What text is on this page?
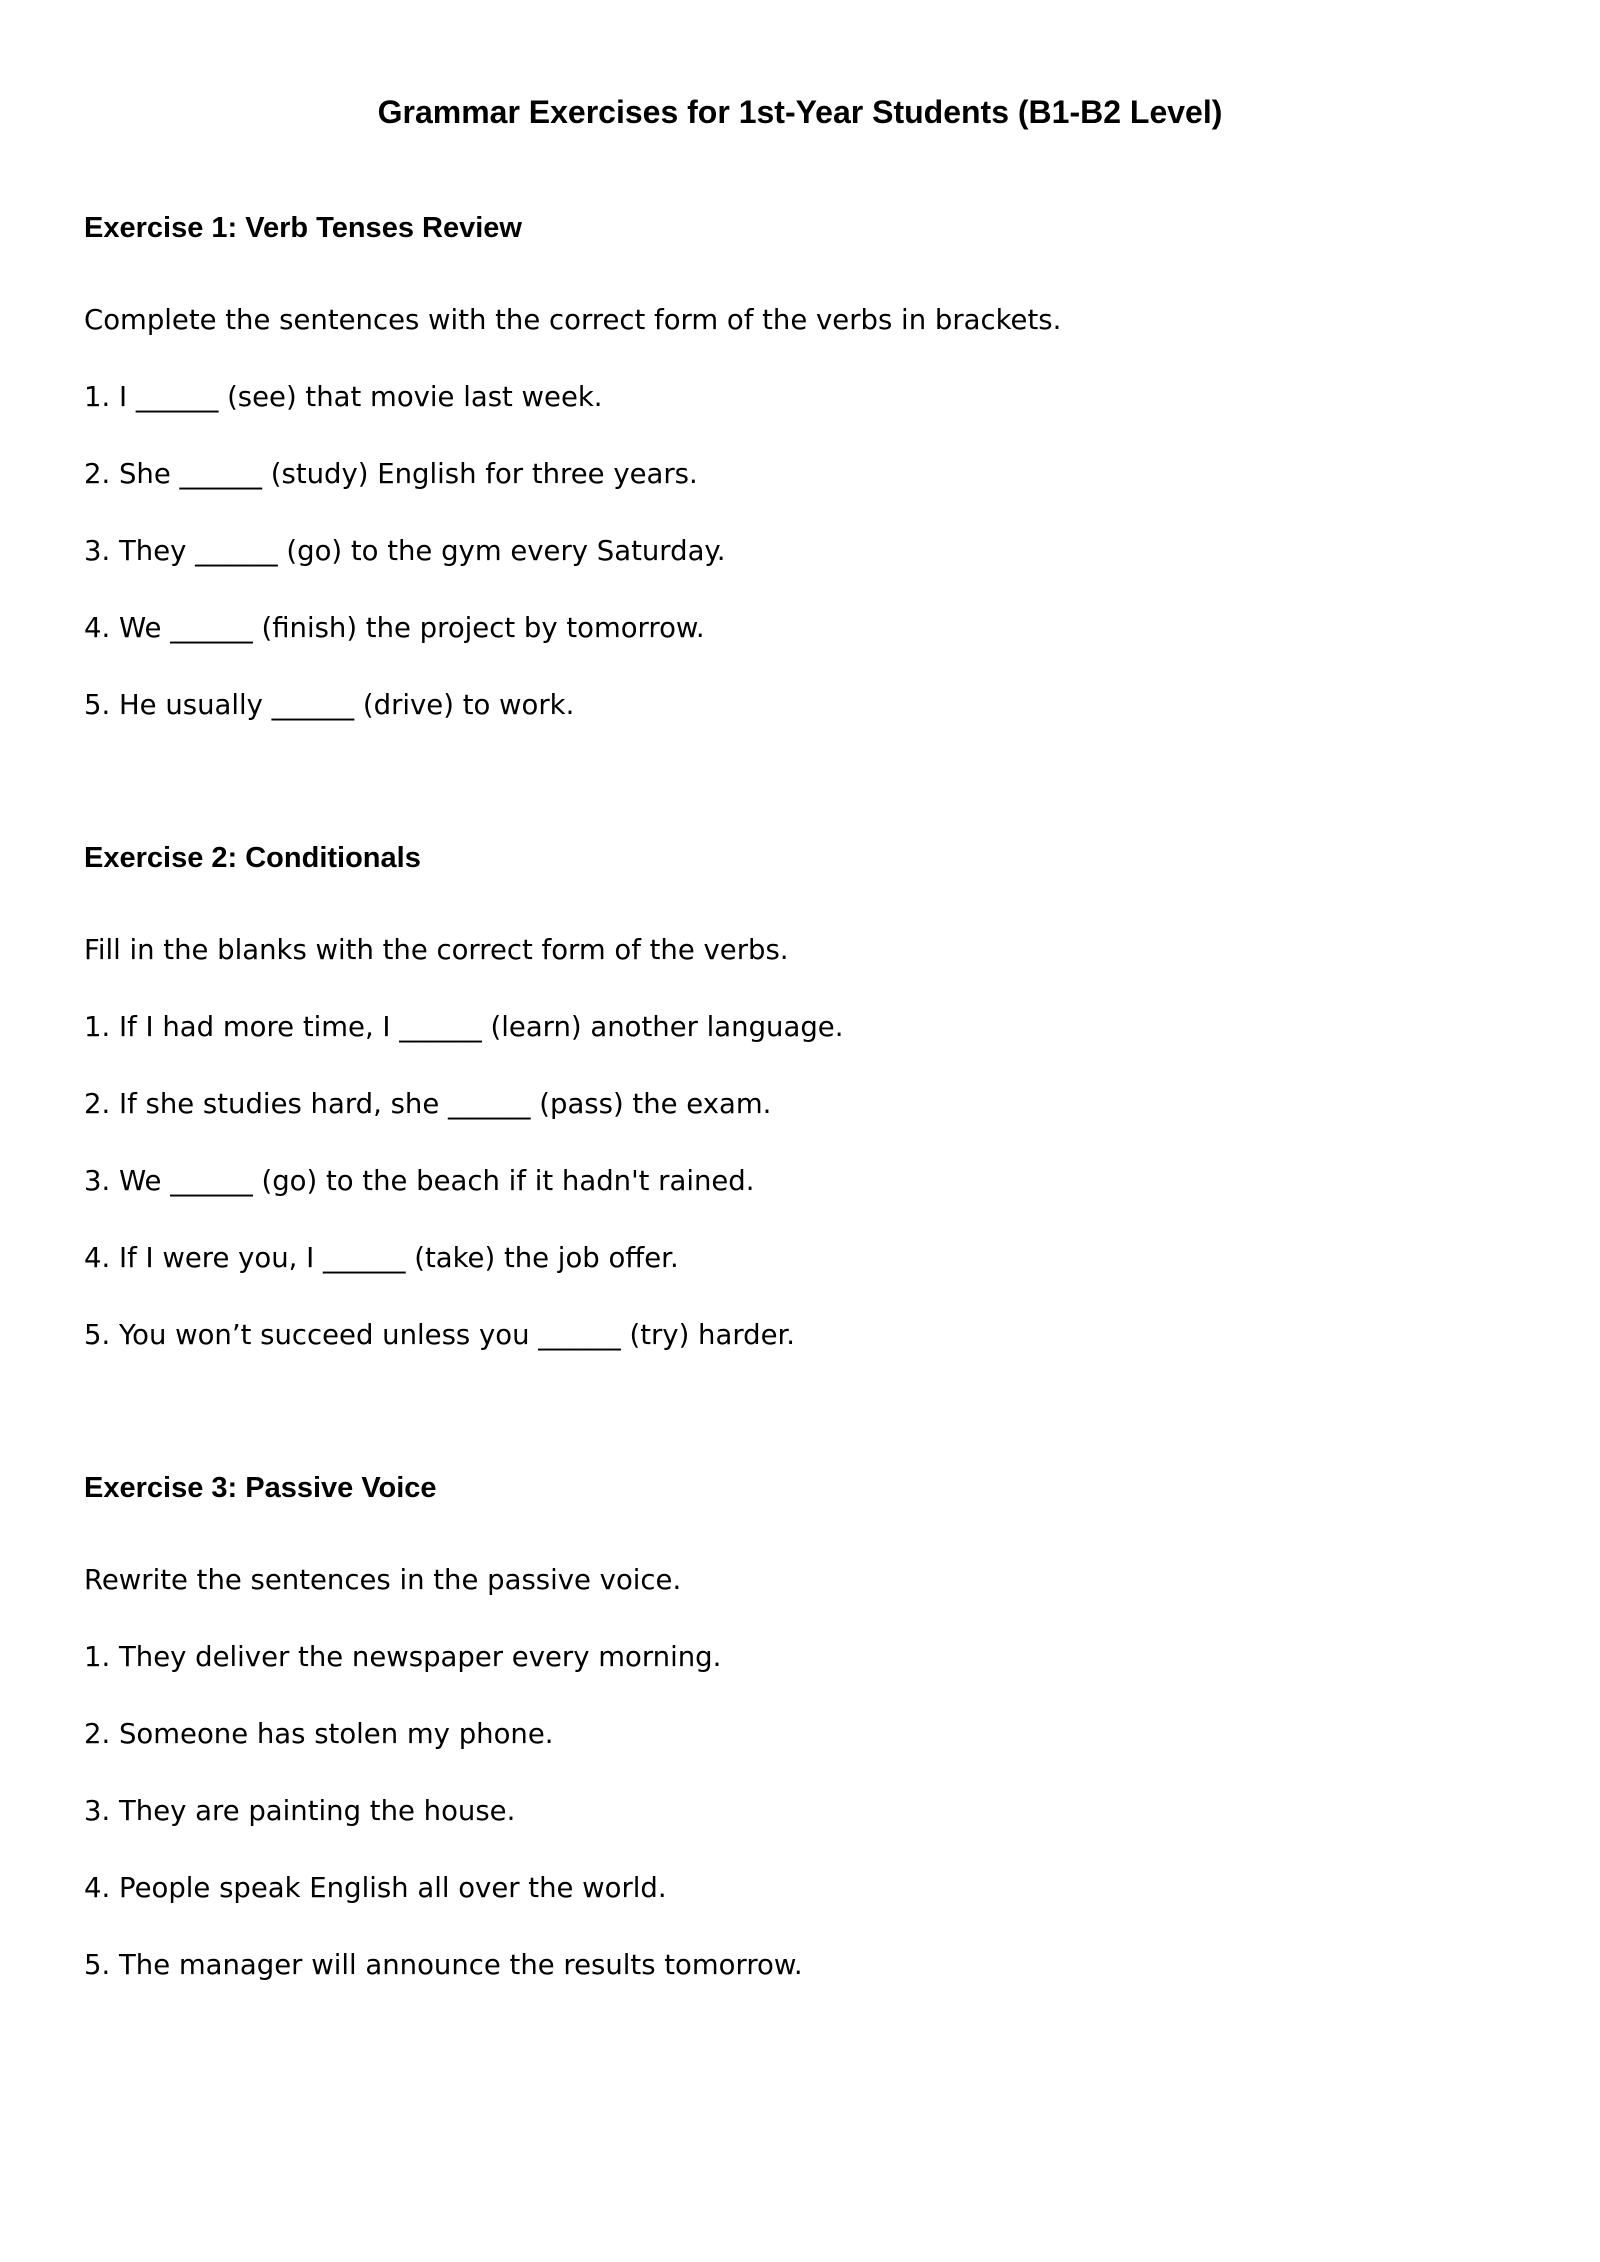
Grammar Exercises for 1st-Year Students (B1-B2 Level)
Exercise 1: Verb Tenses Review

Complete the sentences with the correct form of the verbs in brackets.

1. I ______ (see) that movie last week.

2. She ______ (study) English for three years.

3. They ______ (go) to the gym every Saturday.

4. We ______ (finish) the project by tomorrow.

5. He usually ______ (drive) to work.

Exercise 2: Conditionals

Fill in the blanks with the correct form of the verbs.

1. If I had more time, I ______ (learn) another language.

2. If she studies hard, she ______ (pass) the exam.

3. We ______ (go) to the beach if it hadn't rained.

4. If I were you, I ______ (take) the job offer.

5. You won’t succeed unless you ______ (try) harder.

Exercise 3: Passive Voice

Rewrite the sentences in the passive voice.

1. They deliver the newspaper every morning.

2. Someone has stolen my phone.

3. They are painting the house.

4. People speak English all over the world.

5. The manager will announce the results tomorrow.
